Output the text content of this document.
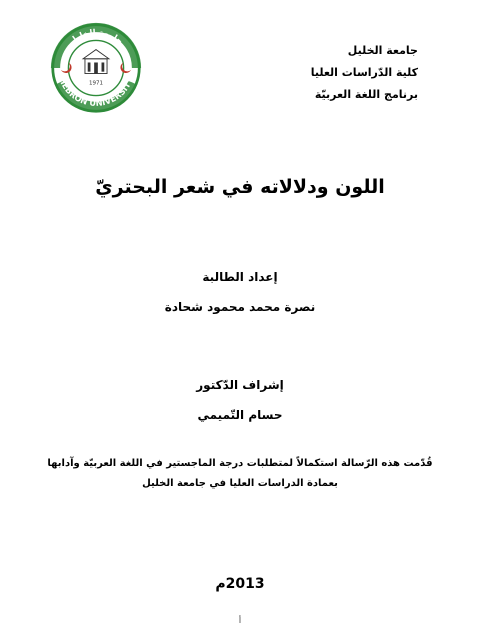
1971
HEBRON UNIVERSITY
جامعة الخليل
جامعة الخليل
كلية الدّراسات العليا
برنامج اللغة العربيّة
اللون ودلالاته في شعر البحتريّ
إعداد الطالبة
نصرة محمد محمود شحادة
إشراف الدّكتور
حسام التّميمي
قُدّمت هذه الرّسالة استكمالاً لمتطلبات درجة الماجستير في اللغة العربيّة وآدابها
بعمادة الدراسات العليا في جامعة الخليل
2013م
أ
